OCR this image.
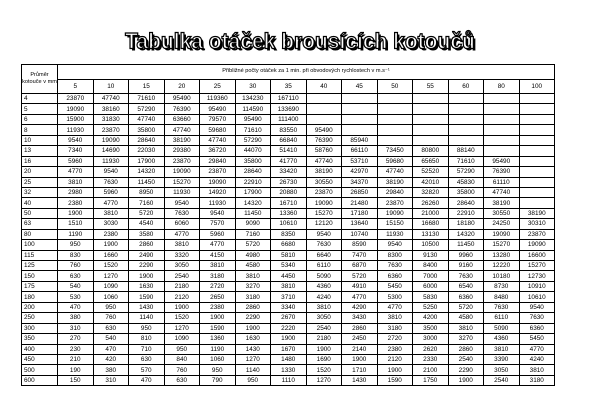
Tabulka otáček brousících kotoučů
Průměr kotouče v mm	Přibližné počty otáček za 1 min. při obvodových rychlostech v m.s⁻¹													
	5	10	15	20	25	30	35	40	45	50	55	60	80	100
4	23870	47740	71610	95490	119360	134230	167110							
5	19090	38160	57290	76390	95490	114590	133690							
6	15900	31830	47740	63660	79570	95490	111400							
8	11930	23870	35800	47740	59680	71610	83550	95490						
10	9540	19090	28640	38190	47740	57290	66840	76390	85940					
13	7340	14690	22030	29380	36720	44070	51410	58760	66110	73450	80800	88140		
16	5960	11930	17900	23870	29840	35800	41770	47740	53710	59680	65650	71610	95490	
20	4770	9540	14320	19090	23870	28640	33420	38190	42970	47740	52520	57290	76390	
25	3810	7630	11450	15270	19090	22910	26730	30550	34370	38190	42010	45830	61110	
32	2980	5960	8950	11930	14920	17900	20880	23870	26850	29840	32820	35800	47740	
40	2380	4770	7160	9540	11930	14320	16710	19090	21480	23870	26260	28640	38190	
50	1900	3810	5720	7630	9540	11450	13360	15270	17180	19090	21000	22910	30550	38190
63	1510	3030	4540	6060	7570	9090	10610	12120	13640	15150	16680	18180	24250	30310
80	1190	2380	3580	4770	5960	7160	8350	9540	10740	11930	13130	14320	19090	23870
100	950	1900	2860	3810	4770	5720	6680	7630	8590	9540	10500	11450	15270	19090
115	830	1660	2490	3320	4150	4980	5810	6640	7470	8300	9130	9960	13280	16600
125	760	1520	2290	3050	3810	4580	5340	6110	6870	7630	8400	9160	12220	15270
150	630	1270	1900	2540	3180	3810	4450	5090	5720	6360	7000	7630	10180	12730
175	540	1090	1630	2180	2720	3270	3810	4360	4910	5450	6000	6540	8730	10910
180	530	1060	1590	2120	2650	3180	3710	4240	4770	5300	5830	6360	8480	10610
200	470	950	1430	1900	2380	2860	3340	3810	4290	4770	5250	5720	7630	9540
250	380	760	1140	1520	1900	2290	2670	3050	3430	3810	4200	4580	6110	7630
300	310	630	950	1270	1590	1900	2220	2540	2860	3180	3500	3810	5090	6360
350	270	540	810	1090	1360	1630	1900	2180	2450	2720	3000	3270	4360	5450
400	230	470	710	950	1190	1430	1670	1900	2140	2380	2620	2860	3810	4770
450	210	420	630	840	1060	1270	1480	1690	1900	2120	2330	2540	3390	4240
500	190	380	570	760	950	1140	1330	1520	1710	1900	2100	2290	3050	3810
600	150	310	470	630	790	950	1110	1270	1430	1590	1750	1900	2540	3180
